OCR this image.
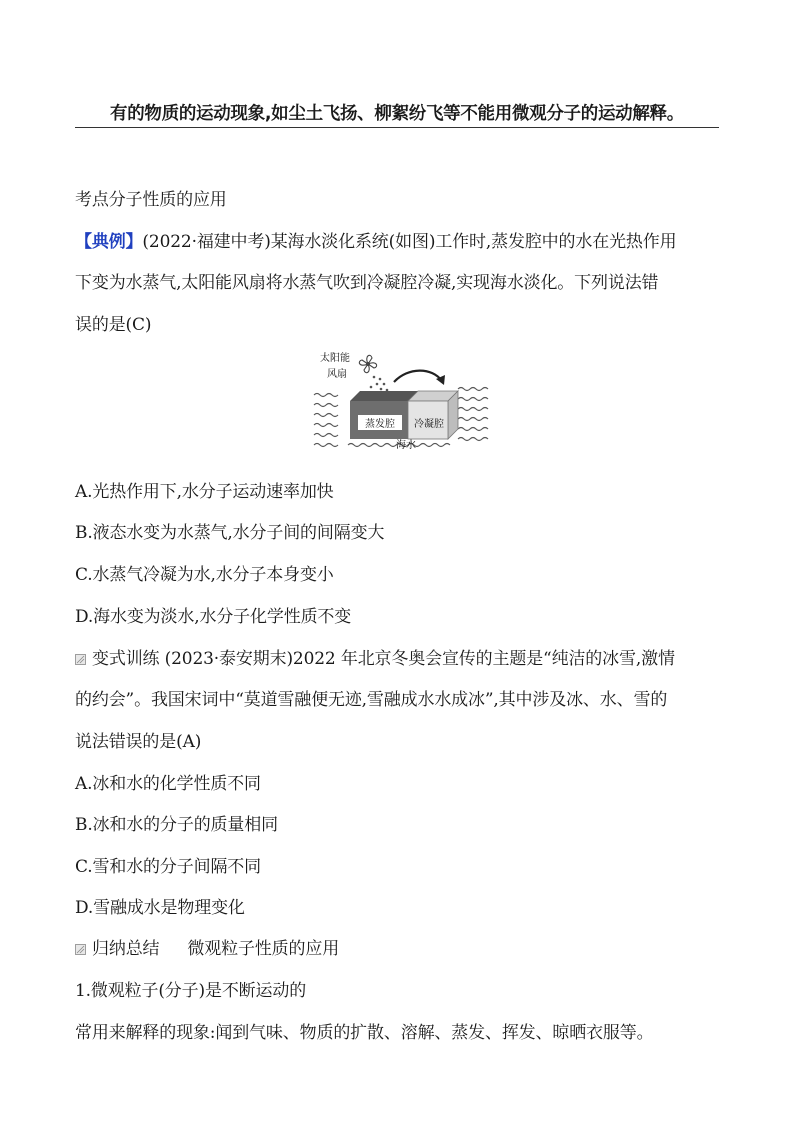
有的物质的运动现象,如尘土飞扬、柳絮纷飞等不能用微观分子的运动解释。
考点分子性质的应用
【典例】(2022·福建中考)某海水淡化系统(如图)工作时,蒸发腔中的水在光热作用
下变为水蒸气,太阳能风扇将水蒸气吹到冷凝腔冷凝,实现海水淡化。下列说法错
误的是(C)
太阳能
风扇
蒸发腔 冷凝腔
海水
A.光热作用下,水分子运动速率加快
B.液态水变为水蒸气,水分子间的间隔变大
C.水蒸气冷凝为水,水分子本身变小
D.海水变为淡水,水分子化学性质不变
变式训练 (2023·泰安期末)2022 年北京冬奥会宣传的主题是“纯洁的冰雪,激情
的约会”。我国宋词中“莫道雪融便无迹,雪融成水水成冰”,其中涉及冰、水、雪的
说法错误的是(A)
A.冰和水的化学性质不同
B.冰和水的分子的质量相同
C.雪和水的分子间隔不同
D.雪融成水是物理变化
归纳总结 微观粒子性质的应用
1.微观粒子(分子)是不断运动的
常用来解释的现象:闻到气味、物质的扩散、溶解、蒸发、挥发、晾晒衣服等。
